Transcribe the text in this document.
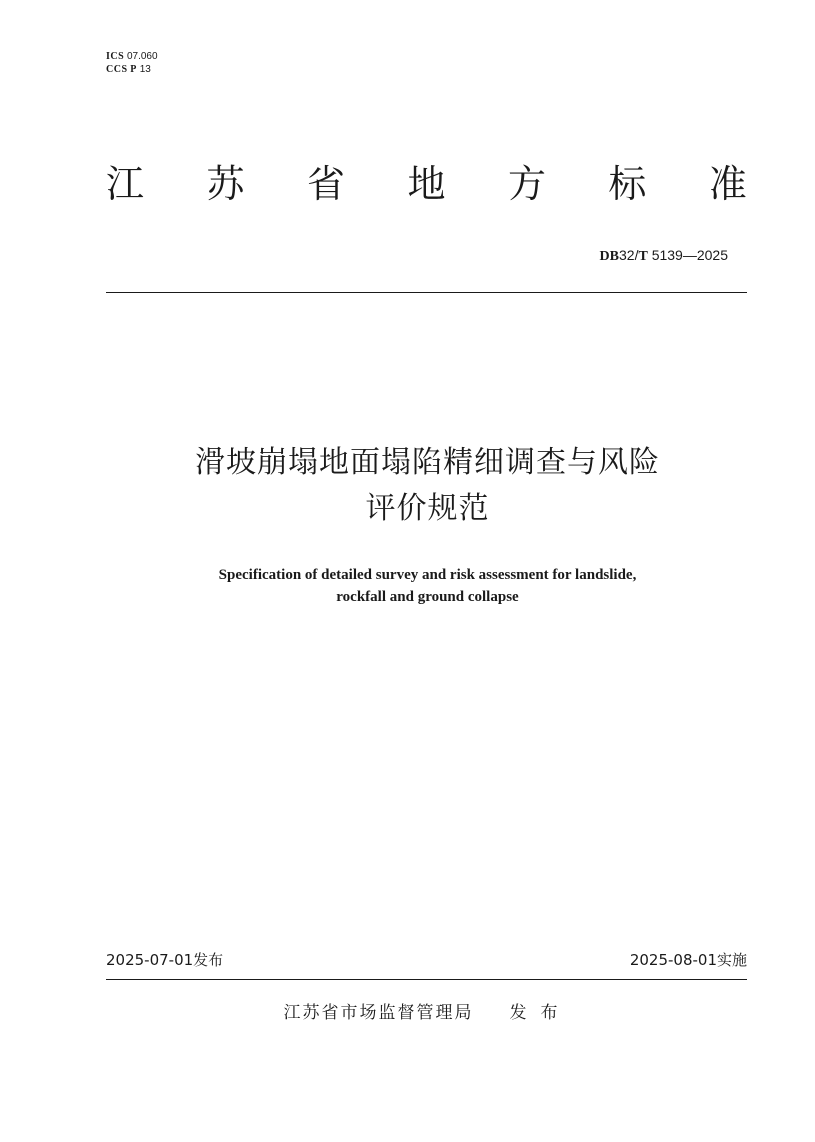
ICS 07.060
CCS P 13
江 苏 省 地 方 标 准
DB32/T 5139—2025
滑坡崩塌地面塌陷精细调查与风险
评价规范
Specification of detailed survey and risk assessment for landslide,
rockfall and ground collapse
2025-07-01发布	2025-08-01实施
江苏省市场监督管理局 发布
